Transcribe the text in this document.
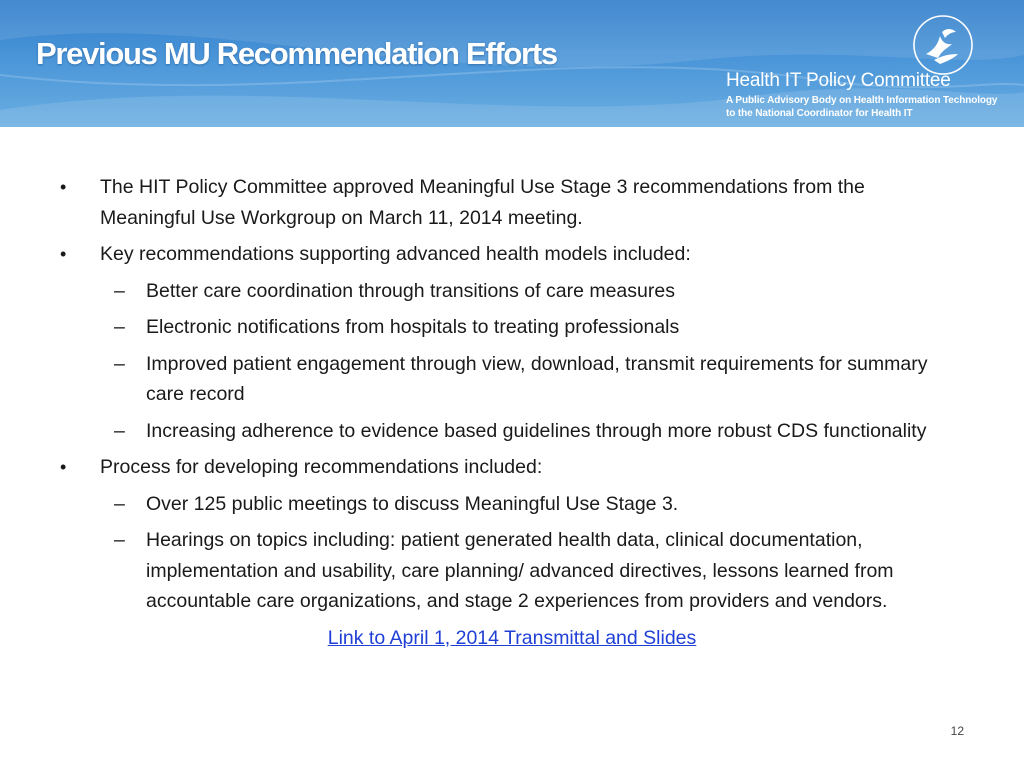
Previous MU Recommendation Efforts
Health IT Policy Committee
A Public Advisory Body on Health Information Technology
to the National Coordinator for Health IT
• The HIT Policy Committee approved Meaningful Use Stage 3 recommendations from the Meaningful Use Workgroup on March 11, 2014 meeting.
• Key recommendations supporting advanced health models included:
– Better care coordination through transitions of care measures
– Electronic notifications from hospitals to treating professionals
– Improved patient engagement through view, download, transmit requirements for summary care record
– Increasing adherence to evidence based guidelines through more robust CDS functionality
• Process for developing recommendations included:
– Over 125 public meetings to discuss Meaningful Use Stage 3.
– Hearings on topics including: patient generated health data, clinical documentation, implementation and usability, care planning/ advanced directives, lessons learned from accountable care organizations, and stage 2 experiences from providers and vendors.
Link to April 1, 2014 Transmittal and Slides
12
